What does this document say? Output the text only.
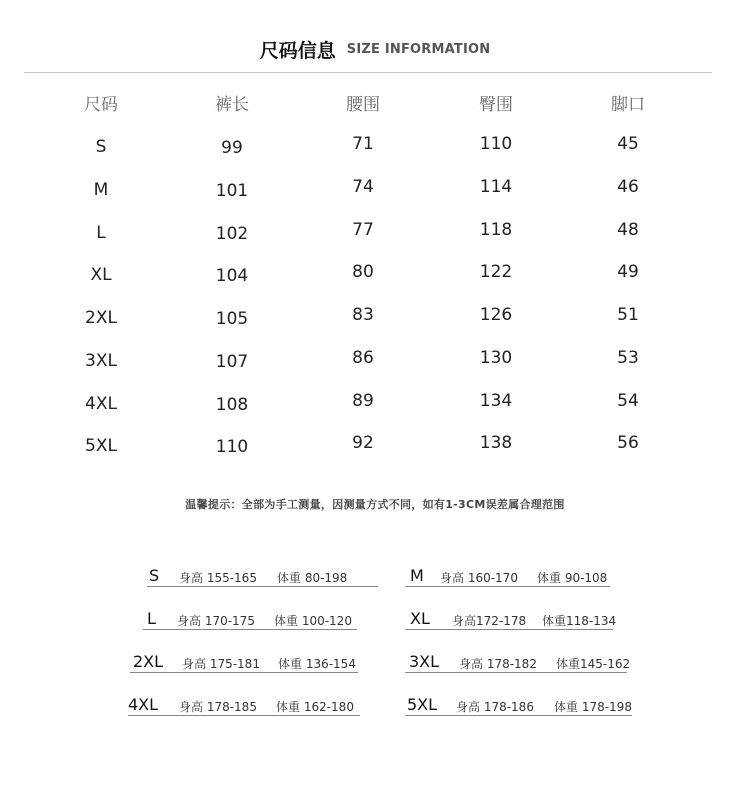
尺码信息 SIZE INFORMATION
尺码	裤长	腰围	臀围	脚口
S	99	71	110	45
M	101	74	114	46
L	102	77	118	48
XL	104	80	122	49
2XL	105	83	126	51
3XL	107	86	130	53
4XL	108	89	134	54
5XL	110	92	138	56
温馨提示：全部为手工测量，因测量方式不同，如有1-3CM误差属合理范围
S 身高 155-165 体重 80-198	M 身高 160-170 体重 90-108
L 身高 170-175 体重 100-120	XL 身高172-178 体重118-134
2XL 身高 175-181 体重 136-154	3XL 身高 178-182 体重145-162
4XL 身高 178-185 体重 162-180	5XL 身高 178-186 体重 178-198
